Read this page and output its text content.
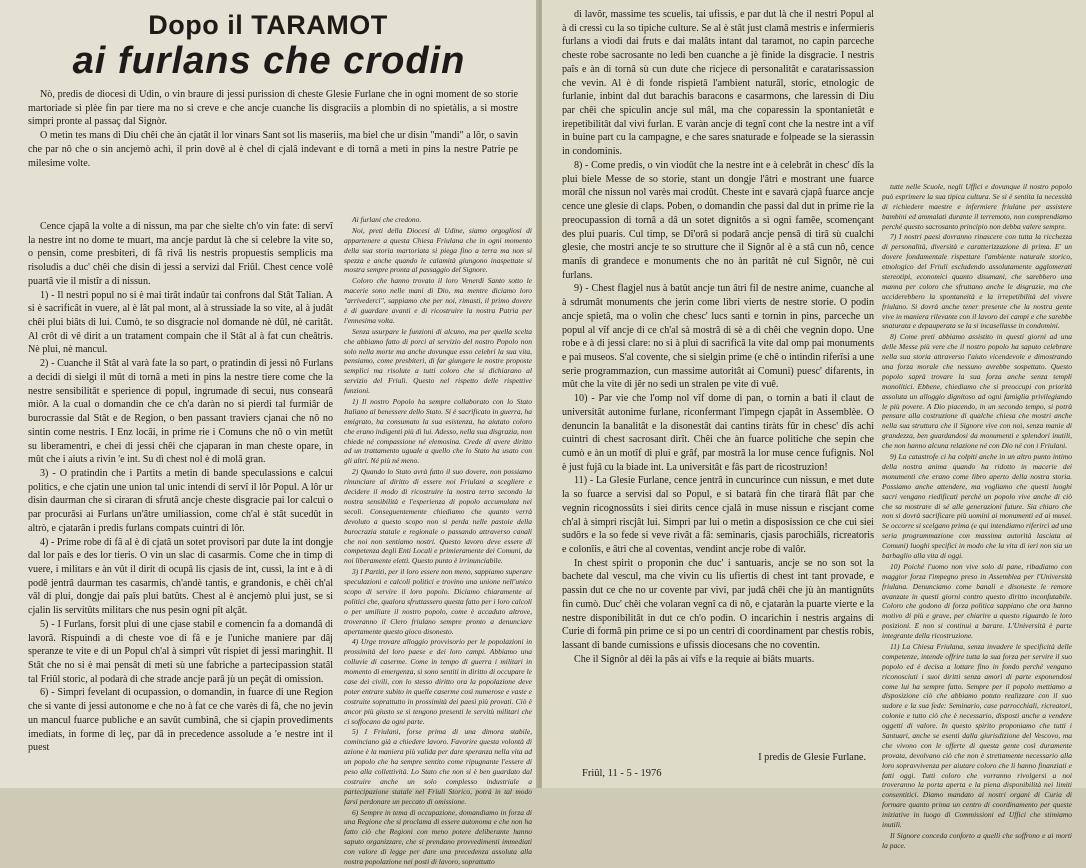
Dopo il TARAMOT
ai furlans che crodin

Nò, predis de diocesi di Udin, o vin braure di jessi purission di cheste Glesie Furlane che in ogni moment de so storie martoriade si plèe fin par tiere ma no si creve e che ancje cuanche lis disgraciis a plombin di no spietàlis, a si mostre simpri pronte al passaç dal Signòr.

O metin tes mans di Diu chêi che àn cjatât il lor vinars Sant sot lis maseriis, ma biel che ur disin "mandi" a lôr, o savin che par nô che o sin ancjemò achì, il prin dovê al è chel di cjalâ indevant e di tornâ a meti in pins la nestre Patrie pe milesime volte.

Cence cjapâ la volte a di nissun, ma par che sielte ch'o vin fate: di servî la nestre int no dome te muart, ma ancje pardut là che si celebre la vite so, o pensin, come presbiteri, di fâ rivâ lis nestris propuestis semplicis ma risoludis a duc' chêi che disin di jessi a servizi dal Friûl. Chest cence volê puartâ vie il mistîr a di nissun.

1) - Il nestri popul no si è mai tirât indaûr tai confrons dal Stât Talian. A si è sacrificât in vuere, al è lât pal mont, al à strussiade la so vite, al à judât chêi plui biâts di lui. Cumò, te so disgracie nol domande nè dûl, nè caritât. Al crôt di vê dirit a un tratament compain che il Stât al à fat cun cheâtris. Nè plui, nè mancul.

2) - Cuanche il Stât al varà fate la so part, o pratindin di jessi nô Furlans a decidi di sielgi il mût di tornâ a meti in pins la nestre tiere come che la nestre sensibilitât e sperience di popul, ingrumade di secui, nus consearâ miôr. A la cual o domandin che ce ch'a daràn no si pierdi tal furmiâr de burocrassie dal Stât e de Region, o ben passant traviers cjanai che nô no sintin come nestris. I Enz locâi, in prime rie i Comuns che nô o vin metût su liberamentri, e chei di jessi chêi che cjaparan in man cheste opare, in mût che i aiuts a rivin 'e int. Su dì chest nol è di molâ gran.

3) - O pratindin che i Partits a metin di bande speculassions e calcui politics, e che cjatin une union tal unic intendi di servî il lôr Popul. A lôr ur disin daurman che si ciraran di sfrutâ ancje cheste disgracie pai lor calcui o par procurâsi ai Furlans un'âtre umiliassion, come ch'al è stât sucedût in altrò, e cjatarân i predis furlans compats cuintri di lôr.

4) - Prime robe di fâ al è di cjatâ un sotet provisori par dute la int dongje dal lor paîs e des lor tieris. O vin un slac di casarmis. Come che in timp di vuere, i militars e àn vût il dirit di ocupâ lis cjasis de int, cussì, la int e à di podê jentrâ daurman tes casarmis, ch'andè tantis, e grandonis, e chêi ch'al vâl di plui, dongje dai paîs plui batûts. Chest al è ancjemò plui just, se si cjalin lis servitûts militars che nus pesin ogni pît alçât.

5) - I Furlans, forsit plui di une cjase stabil e comencin fa a domandâ di lavorâ. Rispuindi a di cheste voe di fâ e je l'uniche maniere par dâj speranze te vite e di un Popul ch'al à simpri vût rispiet di jessi maringhit. Il Stât che no si è mai pensât di meti sù une fabriche a partecipassion statâl tal Friûl storic, al podarà di che strade ancje parâ jù un peçât di omission.

6) - Simpri fevelant di ocupassion, o domandin, in fuarce di une Region che si vante di jessi autonome e che no à fat ce che varès di fâ, che no jevin un mancul fuarce publiche e an savût cumbinâ, che si cjapin provediments imediats, in forme di leç, par dâ in precedence assolude a 'e nestre int il puest

Ai furlani che credono.

Noi, preti della Diocesi di Udine, siamo orgogliosi di appartenere a questa Chiesa Friulana che in ogni momento della sua storia martoriata si piega fino a terra ma non si spezza e anche quando le calamità giungono inaspettate si mostra sempre pronta al passaggio del Signore.

Coloro che hanno trovato il loro Venerdì Santo sotto le macerie sono nelle mani di Dio, ma mentre diciamo loro "arrivederci", sappiamo che per noi, rimasti, il primo dovere è di guardare avanti e di ricostruire la nostra Patria per l'ennesima volta.

Senza usurpare le funzioni di alcuno, ma per quella scelta che abbiamo fatto di porci al servizio del nostro Popolo non solo nella morte ma anche dovunque esso celebri la sua vita, pensiamo, come presbiteri, di far giungere le nostre proposte semplici ma risolute a tutti coloro che si dichiarano al servizio del Friuli. Questo nel rispetto delle rispettive funzioni.

1) Il nostro Popolo ha sempre collaborato con lo Stato Italiano al benessere dello Stato. Si è sacrificato in guerra, ha emigrato, ha consumato la sua esistenza, ha aiutato coloro che erano indigenti più di lui. Adesso, nella sua disgrazia, non chiede né compassione né elemosina. Crede di avere diritto ad un trattamento uguale a quello che lo Stato ha usato con gli altri. Né più né meno.

2) Quando lo Stato avrà fatto il suo dovere, non possiamo rinunciare al diritto di essere noi Friulani a scegliere e decidere il modo di ricostruire la nostra terra secondo la nostra sensibilità e l'esperienza di popolo accumulata nei secoli. Conseguentemente chiediamo che quanto verrà devoluto a questo scopo non si perda nelle pastoie della burocrazia statale e regionale o passando attraverso canali che noi non sentiamo nostri. Questo lavoro deve essere di competenza degli Enti Locali e primieramente dei Comuni, da noi liberamente eletti. Questo punto è irrinunciabile.

3) I Partiti, per il loro essere non meno, sappiamo superare speculazioni e calcoli politici e trovino una unione nell'unico scopo di servire il loro popolo. Diciamo chiaramente ai politici che, qualora sfruttassero questa fatto per i loro calcoli o per umiliare il nostro popolo, come è accaduto altrove, troveranno il Clero friulano sempre pronto a denunciare apertamente questo gioco disonesto.

4) Urge trovare alloggio provvisorio per le popolazioni in prossimità del loro paese e dei loro campi. Abbiamo una colluvie di caserme. Come in tempo di guerra i militari in momento di emergenza, si sono sentiti in diritto di occupare le case dei civili, con lo stesso diritto ora la popolazione deve poter entrare subito in quelle caserme così numerose e vaste e costruite soprattutto in prossimità dei paesi più provati. Ciò è ancor più giusto se si tengono presenti le servitù militari che ci soffocano da ogni parte.

5) I Friulani, forse prima di una dimora stabile, cominciano già a chiedere lavoro. Favorire questa volontà di azione è la maniera più valida per dare speranza nella vita ad un popolo che ha sempre sentito come ripugnante l'essere di peso alla collettività. Lo Stato che non si è ben guardato dal costruire anche un solo complesso industriale a partecipazione statale nel Friuli Storico, potrà in tal modo farsi perdonare un peccato di omissione.

6) Sempre in tema di occupazione, domandiamo in forza di una Regione che si proclama di essere autonoma e che non ha fatto ciò che Regioni con meno potere deliberante hanno saputo organizzare, che si prendano provvedimenti immediati con valore di legge per dare una precedenza assoluta alla nostra popolazione nei posti di lavoro, soprattutto

di lavôr, massime tes scuelis, tai ufissis, e par dut là che il nestri Popul al à di cressi cu la so tipiche culture. Se al è stât just clamâ mestris e infermieris furlans a viodi dai fruts e dai malâts intant dal taramot, no capin parceche cheste robe sacrosante no ledi ben cuanche a jè finide la disgracie. I nestris paîs e àn di tornâ sù cun dute che ricjece di personalitât e caratarissassion che vevin. Al è di fonde rispietâ l'ambient naturâl, storic, etnologic de furlanie, inbint dal dut barachis baracons e casarmons, che laressin di Diu par chêi che spiculin ancje sul mâl, ma che coparessin la spontanietât e irepetibilitât dal vivi furlan. E varàn ancje di tegnî cont che la nestre int a vîf in buine part cu la campagne, e che sares snaturade e folpeade se la sierassin in condominis.

8) - Come predis, o vin viodût che la nestre int e à celebrât in chesc' dîs la plui biele Messe de so storie, stant un dongje l'âtri e mostrant une fuarce morâl che nissun nol varès mai crodût. Cheste int e savarà cjapâ fuarce ancje cence une glesie di claps. Poben, o domandin che passi dal dut in prime rie la preocupassion di tornâ a dâ un sotet dignitôs a sì ogni famêe, scomençant des plui puaris. Cul timp, se Dî'orâ si podarâ ancje pensâ di tirâ sù cualchi glesie, che mostri ancje te so strutture che il Signôr al è a stâ cun nô, cence manîs di grandece e monuments che no àn paritât nè cul Signôr, nè cui furlans.

9) - Chest flagjel nus à batût ancje tun âtri fil de nestre anime, cuanche al à sdrumât monuments che jerin come libri vierts de nestre storie. O podin ancje spietâ, ma o volìn che chesc' lucs santi e tornin in pins, parceche un popul al vîf ancje di ce ch'al sà mostrâ di sè a di chêi che vegnin dopo. Une robe e à di jessi clare: no si à plui di sacrificâ la vite dal omp pai monuments e pai museos. S'al covente, che si sielgin prime (e chê o intindìn riferîsi a une serie programmazion, cun massime autoritât ai Comuni) puesc' difarents, in mût che la vite di jêr no sedi un stralen pe vite di vuê.

10) - Par vie che l'omp nol vîf dome di pan, o tornìn a bati il claut de universitât autonime furlane, riconfermant l'impegn cjapât in Assemblèe. O denuncin la banalitât e la disonestât dai cantins tiràts fûr in chesc' dîs achì cuintri di chest sacrosant dirît. Chêi che àn fuarce politiche che sepin che cumò e àn un motîf di plui e grâf, par mostrâ la lor muse cence fufignis. Nol è just fujâ cu la biade int. La universitât e fâs part de ricostruzion!

11) - La Glesie Furlane, cence jentrâ in cuncurince cun nissun, e met dute la so fuarce a servisi dal so Popul, e si batarà fin che tirarà flât par che vegnin ricognossûts i siei dirits cence cjalâ in muse nissun e riscjant come ch'al à simpri riscjât lui. Simpri par lui o metìn a disposission ce che cui siei sudôrs e la so fede si veve rivât a fâ: seminaris, cjasis parochiâls, ricreatoris e colonîis, e âtri che al coventas, vendint ancje robe di valôr.

In chest spirit o proponìn che duc' i santuaris, ancje se no son sot la bachete dal vescul, ma che vivin cu lis ufiertis di chest int tant provade, e passin dut ce che no ur covente par vivi, par judâ chêi che jù àn mantignûts fin cumò. Duc' chêi che volaran vegnî ca di nô, e cjataràn la puarte vierte e la nestre disponibilitât in dut ce ch'o podìn. O incarichin i nestris argains di Curie di formâ pin prime ce si po un centri di coordinament par chestis robis, lassant di bande cumissions e ufissis diocesans che no coventin.

Che il Signôr al dêi la pâs ai vîfs e la requie ai biâts muarts.

tutte nelle Scuole, negli Uffici e dovunque il nostro popolo può esprimere la sua tipica cultura. Se si è sentita la necessità di richiedere maestre e infermiere friulane per assistere bambini ed ammalati durante il terremoto, non comprendiamo perché questo sacrosanto principio non debba valere sempre.

7) I nostri paesi dovranno rinascere con tutta la ricchezza di personalità, diversità e caratterizzazione di prima. E' un dovere fondamentale rispettare l'ambiente naturale storico, etnologico del Friuli escludendo assolutamente agglomerati stereotipi, economici quanto disumani, che sarebbero una manna per coloro che sfruttano anche le disgrazie, ma che ucciderebbero la spontaneità e la irrepetibilità del vivere friulano. Si dovrà anche tener presente che la nostra gente vive in maniera rilevante con il lavoro dei campi e che sarebbe snaturata e depauperata se la si incasellasse in condomini.

8) Come preti abbiamo assistito in questi giorni ad una delle Messe più vere che il nostro popolo ha saputo celebrare nella sua storia attraverso l'aiuto vicendevole e dimostrando una forza morale che nessuno avrebbe sospettato. Questo popolo saprà trovare la sua forza anche senza templi monolitici. Ebbene, chiediamo che si preoccupi con priorità assoluta un alloggio dignitoso ad ogni famiglia privilegiando le più povere. A Dio piacendo, in un secondo tempo, si potrà pensare alla costruzione di qualche chiesa che mostri anche nella sua struttura che il Signore vive con noi, senza manie di grandezza, ben guardandosi da monumenti e splendori inutili, che non hanno alcuna relazione né con Dio né con i Friulani.

9) La catastrofe ci ha colpiti anche in un altro punto intimo della nostra anima quando ha ridotto in macerie dei monumenti che erano come libro aperto della nostra storia. Possiamo anche attendere, ma vogliamo che questi luoghi sacri vengano riedificati perché un popolo vive anche di ciò che sa mostrare di sé alle generazioni future. Sia chiaro che non si dovrà sacrificare più uomini ai monumenti ed ai musei. Se occorre si scelgano prima (e qui intendiamo riferirci ad una seria programmazione con massima autorità lasciata ai Comuni) luoghi specifici in modo che la vita di ieri non sia un barbaglio alla vita di oggi.

10) Poiché l'uomo non vive solo di pane, ribadiamo con maggior forza l'impegno preso in Assemblea per l'Università friulana. Denunciamo come banali e disoneste le remore avanzate in questi giorni contro questo diritto inconfutabile. Coloro che godono di forza politica sappiano che ora hanno motivo di più e grave, per chiarire a questo riguardo le loro posizioni. E non si continui a barare. L'Università è parte integrante della ricostruzione.

11) La Chiesa Friulana, senza invadere le specificità delle competenze, intende offrire tutta la sua forza per servire il suo popolo ed è decisa a lottare fino in fondo perché vengano riconosciuti i suoi diritti senza amori di parte esponendosi come lui ha sempre fatto. Sempre per il popolo mettiamo a disposizione ciò che abbiamo potuto realizzare con il suo sudore e la sua fede: Seminario, case parrocchiali, ricreatori, colonie e tutto ciò che è necessario, disposti anche a vendere oggetti di valore. In questo spirito proponiamo che tutti i Santuari, anche se esenti dalla giurisdizione del Vescovo, ma che vivono con le offerte di questa gente così duramente provata, devolvano ciò che non è strettamente necessario alla loro sopravvivenza per aiutare coloro che li hanno finanziati e fatti oggi. Tutti coloro che vorranno rivolgersi a noi troveranno la porta aperta e la piena disponibilità nei limiti consentitici. Diamo mandato ai nostri organi di Curia di formare quanto prima un centro di coordinamento per queste iniziative in luogo di Commissioni ed Uffici che stimiamo inutili.

Il Signore conceda conforto a quelli che soffrono e ai morti la pace.

I predis de Glesie Furlane.
Friûl, 11 - 5 - 1976
